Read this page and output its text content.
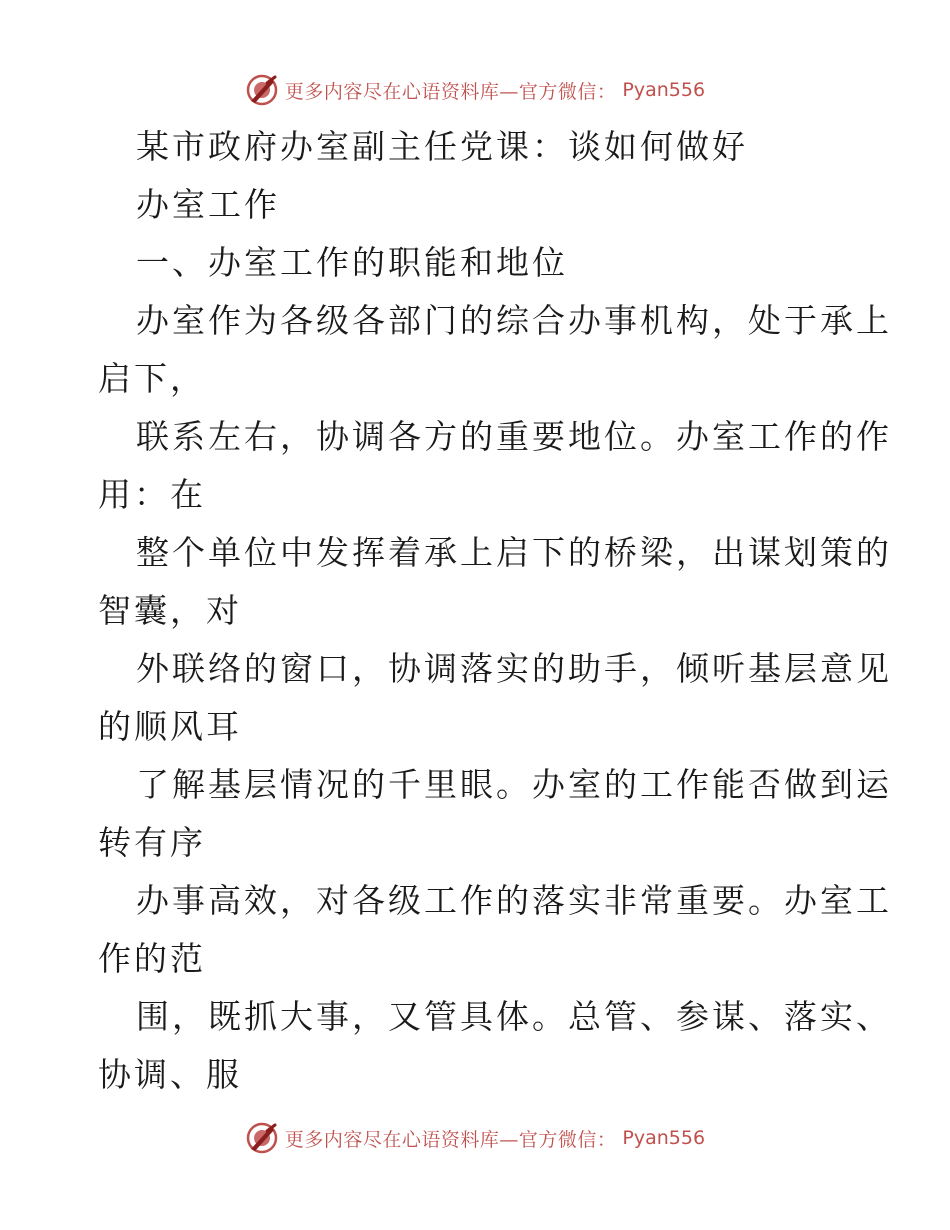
更多内容尽在心语资料库—官方微信： Pyan556
某市政府办室副主任党课：谈如何做好
办室工作
一、办室工作的职能和地位
办室作为各级各部门的综合办事机构，处于承上
启下，
联系左右，协调各方的重要地位。办室工作的作
用：在
整个单位中发挥着承上启下的桥梁，出谋划策的
智囊，对
外联络的窗口，协调落实的助手，倾听基层意见
的顺风耳
了解基层情况的千里眼。办室的工作能否做到运
转有序
办事高效，对各级工作的落实非常重要。办室工
作的范
围，既抓大事，又管具体。总管、参谋、落实、
协调、服
更多内容尽在心语资料库—官方微信： Pyan556
